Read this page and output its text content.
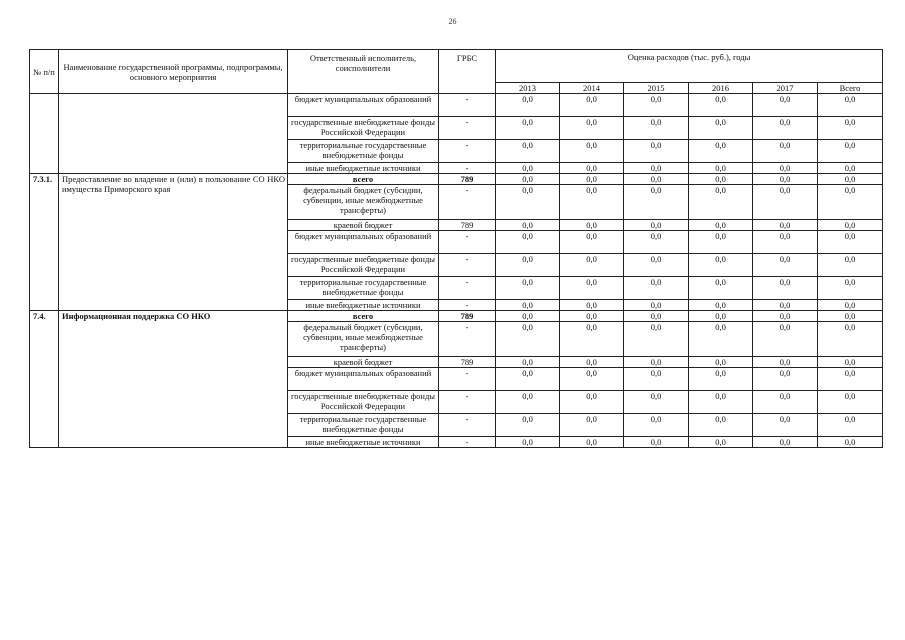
26
№ п/п	Наименование государственной программы, подпрограммы, основного мероприятия	Ответственный исполнитель, соисполнители	ГРБС	Оценка расходов (тыс. руб.), годы					
				2013	2014	2015	2016	2017	Всего
		бюджет муниципальных образований	-	0,0	0,0	0,0	0,0	0,0	0,0
		государственные внебюджетные фонды Российской Федерации	-	0,0	0,0	0,0	0,0	0,0	0,0
		территориальные государственные внебюджетные фонды	-	0,0	0,0	0,0	0,0	0,0	0,0
		иные внебюджетные источники	-	0,0	0,0	0,0	0,0	0,0	0,0
7.3.1.	Предоставление во владение и (или) в пользование СО НКО имущества Приморского края	всего	789	0,0	0,0	0,0	0,0	0,0	0,0
		федеральный бюджет (субсидии, субвенции, иные межбюджетные трансферты)	-	0,0	0,0	0,0	0,0	0,0	0,0
		краевой бюджет	789	0,0	0,0	0,0	0,0	0,0	0,0
		бюджет муниципальных образований	-	0,0	0,0	0,0	0,0	0,0	0,0
		государственные внебюджетные фонды Российской Федерации	-	0,0	0,0	0,0	0,0	0,0	0,0
		территориальные государственные внебюджетные фонды	-	0,0	0,0	0,0	0,0	0,0	0,0
		иные внебюджетные источники	-	0,0	0,0	0,0	0,0	0,0	0,0
7.4.	Информационная поддержка СО НКО	всего	789	0,0	0,0	0,0	0,0	0,0	0,0
		федеральный бюджет (субсидии, субвенции, иные межбюджетные трансферты)	-	0,0	0,0	0,0	0,0	0,0	0,0
		краевой бюджет	789	0,0	0,0	0,0	0,0	0,0	0,0
		бюджет муниципальных образований	-	0,0	0,0	0,0	0,0	0,0	0,0
		государственные внебюджетные фонды Российской Федерации	-	0,0	0,0	0,0	0,0	0,0	0,0
		территориальные государственные внебюджетные фонды	-	0,0	0,0	0,0	0,0	0,0	0,0
		иные внебюджетные источники	-	0,0	0,0	0,0	0,0	0,0	0,0
